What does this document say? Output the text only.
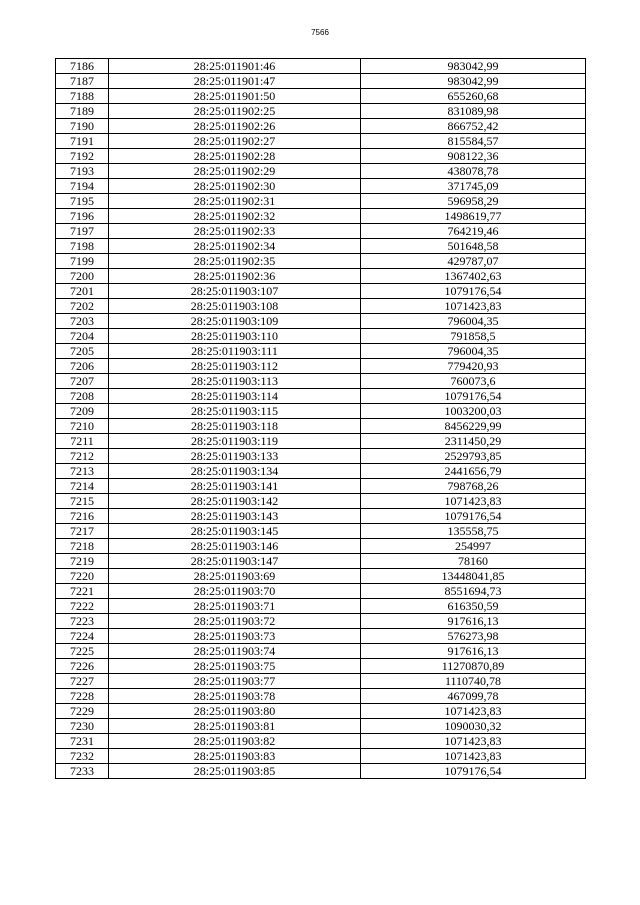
7566
7186	28:25:011901:46	983042,99
7187	28:25:011901:47	983042,99
7188	28:25:011901:50	655260,68
7189	28:25:011902:25	831089,98
7190	28:25:011902:26	866752,42
7191	28:25:011902:27	815584,57
7192	28:25:011902:28	908122,36
7193	28:25:011902:29	438078,78
7194	28:25:011902:30	371745,09
7195	28:25:011902:31	596958,29
7196	28:25:011902:32	1498619,77
7197	28:25:011902:33	764219,46
7198	28:25:011902:34	501648,58
7199	28:25:011902:35	429787,07
7200	28:25:011902:36	1367402,63
7201	28:25:011903:107	1079176,54
7202	28:25:011903:108	1071423,83
7203	28:25:011903:109	796004,35
7204	28:25:011903:110	791858,5
7205	28:25:011903:111	796004,35
7206	28:25:011903:112	779420,93
7207	28:25:011903:113	760073,6
7208	28:25:011903:114	1079176,54
7209	28:25:011903:115	1003200,03
7210	28:25:011903:118	8456229,99
7211	28:25:011903:119	2311450,29
7212	28:25:011903:133	2529793,85
7213	28:25:011903:134	2441656,79
7214	28:25:011903:141	798768,26
7215	28:25:011903:142	1071423,83
7216	28:25:011903:143	1079176,54
7217	28:25:011903:145	135558,75
7218	28:25:011903:146	254997
7219	28:25:011903:147	78160
7220	28:25:011903:69	13448041,85
7221	28:25:011903:70	8551694,73
7222	28:25:011903:71	616350,59
7223	28:25:011903:72	917616,13
7224	28:25:011903:73	576273,98
7225	28:25:011903:74	917616,13
7226	28:25:011903:75	11270870,89
7227	28:25:011903:77	1110740,78
7228	28:25:011903:78	467099,78
7229	28:25:011903:80	1071423,83
7230	28:25:011903:81	1090030,32
7231	28:25:011903:82	1071423,83
7232	28:25:011903:83	1071423,83
7233	28:25:011903:85	1079176,54
